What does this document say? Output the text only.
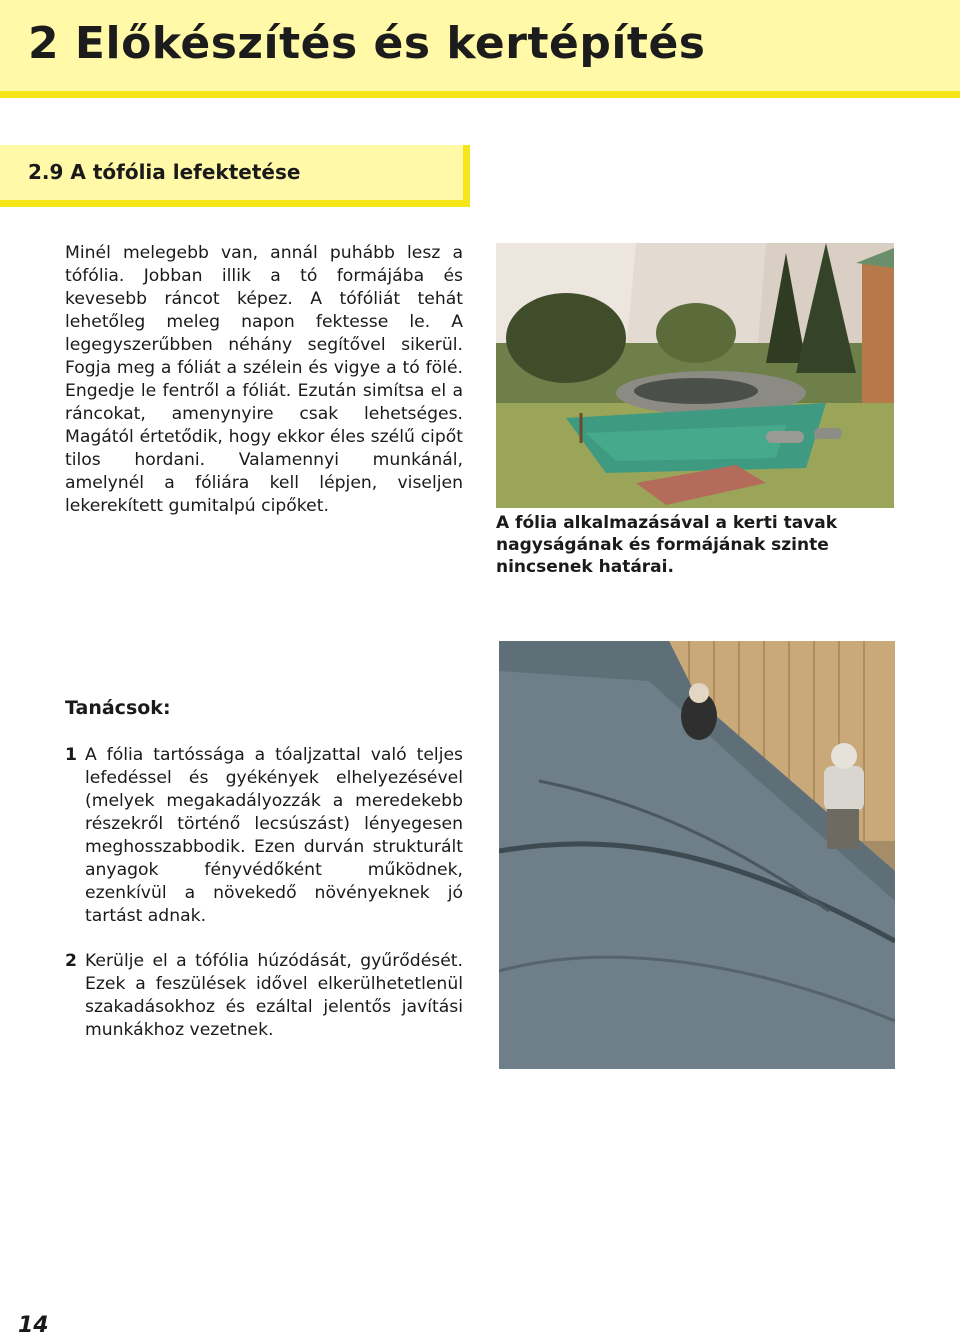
2 Előkészítés és kertépítés
2.9 A tófólia lefektetése

Minél melegebb van, annál puhább lesz a tófólia. Jobban illik a tó formájába és kevesebb ráncot képez. A tófóliát tehát lehetőleg meleg napon fektesse le. A legegyszerűbben néhány segítővel sikerül. Fogja meg a fóliát a szélein és vigye a tó fölé. Engedje le fentről a fóliát. Ezután simítsa el a ráncokat, amenynyire csak lehetséges. Magától értetődik, hogy ekkor éles szélű cipőt tilos hordani. Valamennyi munkánál, amelynél a fóliára kell lépjen, viseljen lekerekített gumitalpú cipőket.

A fólia alkalmazásával a kerti tavak nagyságának és formájának szinte nincsenek határai.

Tanácsok:
1 A fólia tartóssága a tóaljzattal való teljes lefedéssel és gyékények elhelyezésével (melyek megakadályozzák a meredekebb részekről történő lecsúszást) lényegesen meghosszabbodik. Ezen durván strukturált anyagok fényvédőként működnek, ezenkívül a növekedő növényeknek jó tartást adnak.
2 Kerülje el a tófólia húzódását, gyűrődését. Ezek a feszülések idővel elkerülhetetlenül szakadásokhoz és ezáltal jelentős javítási munkákhoz vezetnek.

14
